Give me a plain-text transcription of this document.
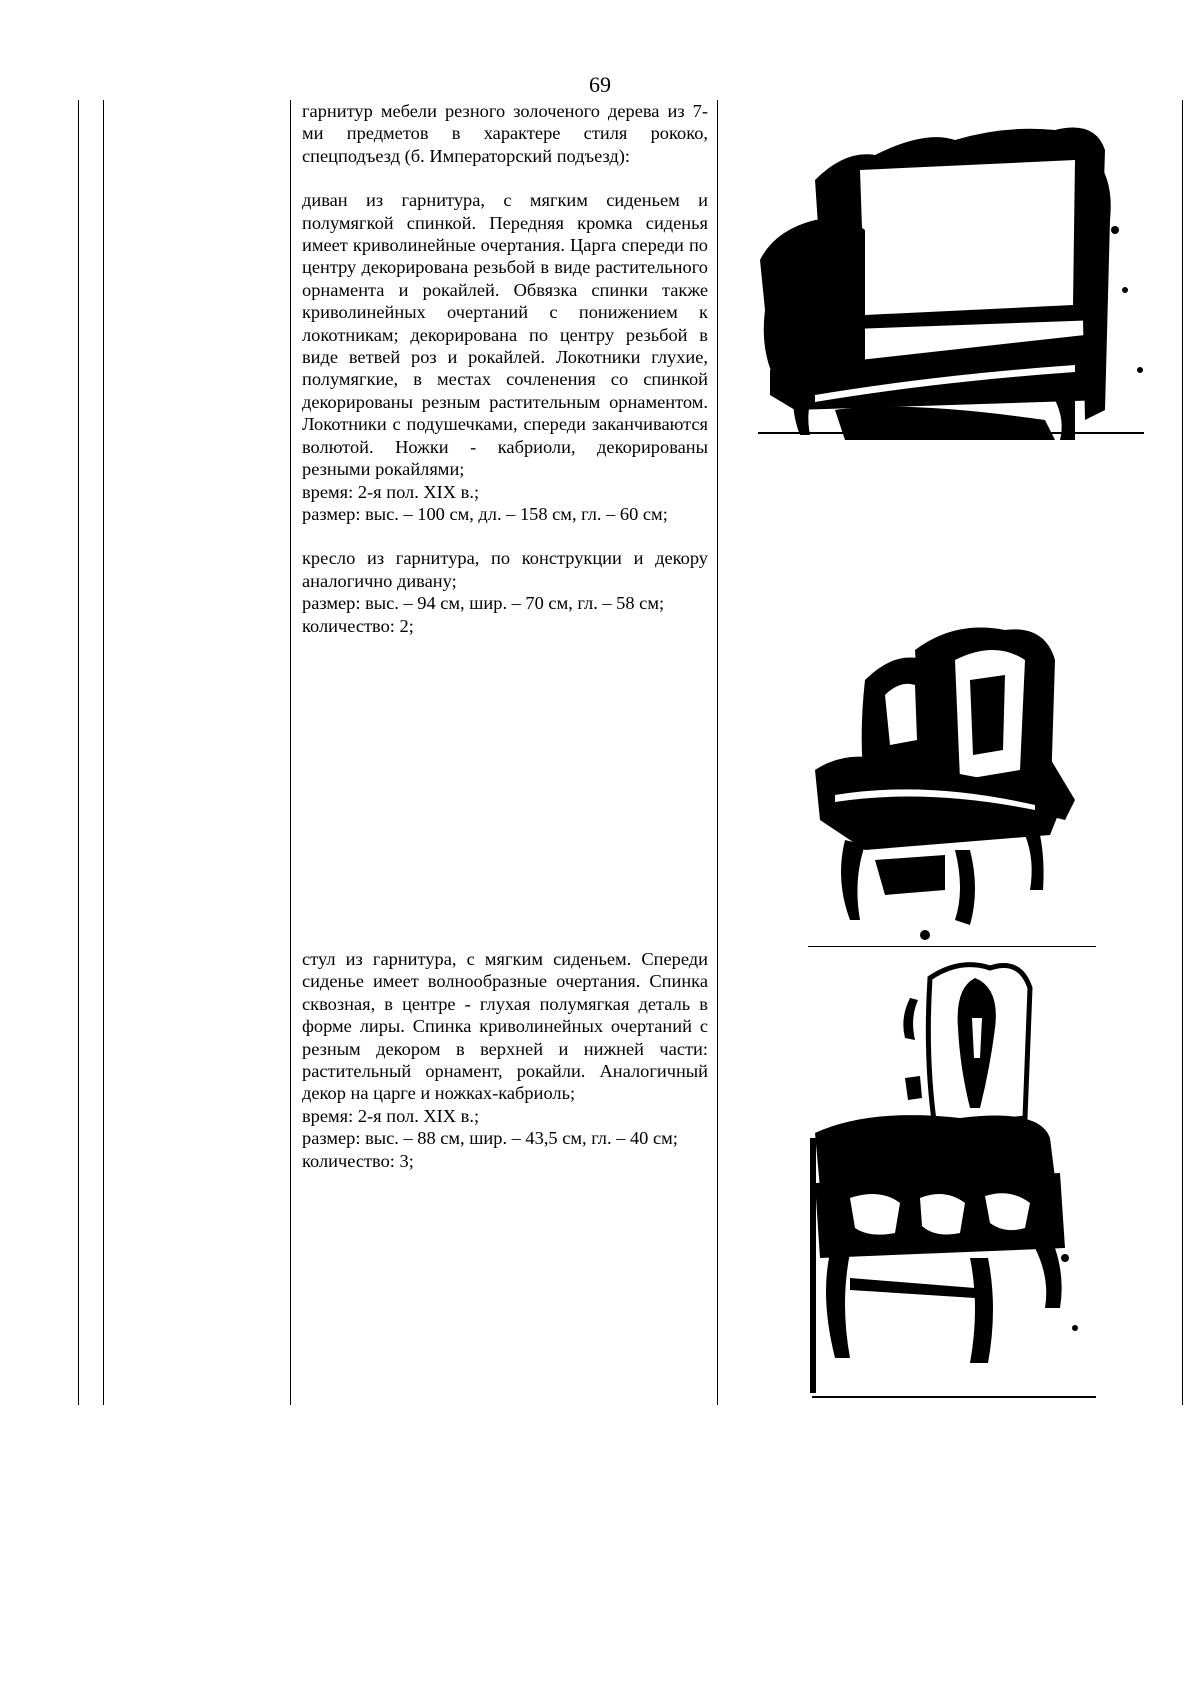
69

гарнитур мебели резного золоченого дерева из 7-ми предметов в характере стиля рококо, спецподъезд (б. Императорский подъезд):

диван из гарнитура, с мягким сиденьем и полумягкой спинкой. Передняя кромка сиденья имеет криволинейные очертания. Царга спереди по центру декорирована резьбой в виде растительного орнамента и рокайлей. Обвязка спинки также криволинейных очертаний с понижением к локотникам; декорирована по центру резьбой в виде ветвей роз и рокайлей. Локотники глухие, полумягкие, в местах сочленения со спинкой декорированы резным растительным орнаментом. Локотники с подушечками, спереди заканчиваются волютой. Ножки - кабриоли, декорированы резными рокайлями;

время: 2-я пол. XIX в.;

размер: выс. – 100 см, дл. – 158 см, гл. – 60 см;

кресло из гарнитура, по конструкции и декору аналогично дивану;

размер: выс. – 94 см, шир. – 70 см, гл. – 58 см;

количество: 2;

стул из гарнитура, с мягким сиденьем. Спереди сиденье имеет волнообразные очертания. Спинка сквозная, в центре - глухая полумягкая деталь в форме лиры. Спинка криволинейных очертаний с резным декором в верхней и нижней части: растительный орнамент, рокайли. Аналогичный декор на царге и ножках-кабриоль;

время: 2-я пол. XIX в.;

размер: выс. – 88 см, шир. – 43,5 см, гл. – 40 см;

количество: 3;
